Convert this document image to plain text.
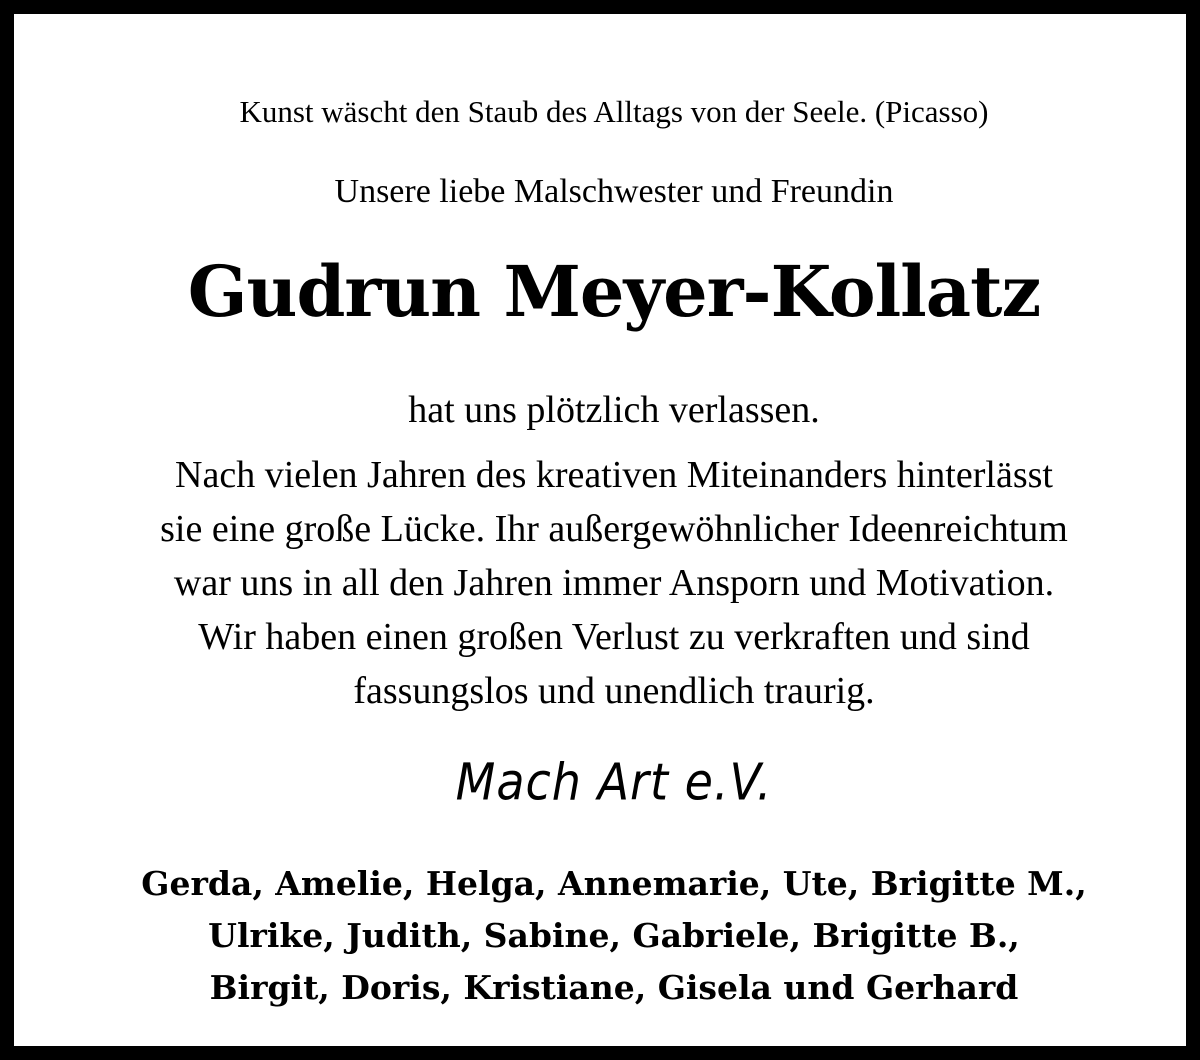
Kunst wäscht den Staub des Alltags von der Seele. (Picasso)
Unsere liebe Malschwester und Freundin
Gudrun Meyer-Kollatz
hat uns plötzlich verlassen.
Nach vielen Jahren des kreativen Miteinanders hinterlässt
sie eine große Lücke. Ihr außergewöhnlicher Ideenreichtum
war uns in all den Jahren immer Ansporn und Motivation.
Wir haben einen großen Verlust zu verkraften und sind
fassungslos und unendlich traurig.
Mach Art e.V.
Gerda, Amelie, Helga, Annemarie, Ute, Brigitte M.,
Ulrike, Judith, Sabine, Gabriele, Brigitte B.,
Birgit, Doris, Kristiane, Gisela und Gerhard
